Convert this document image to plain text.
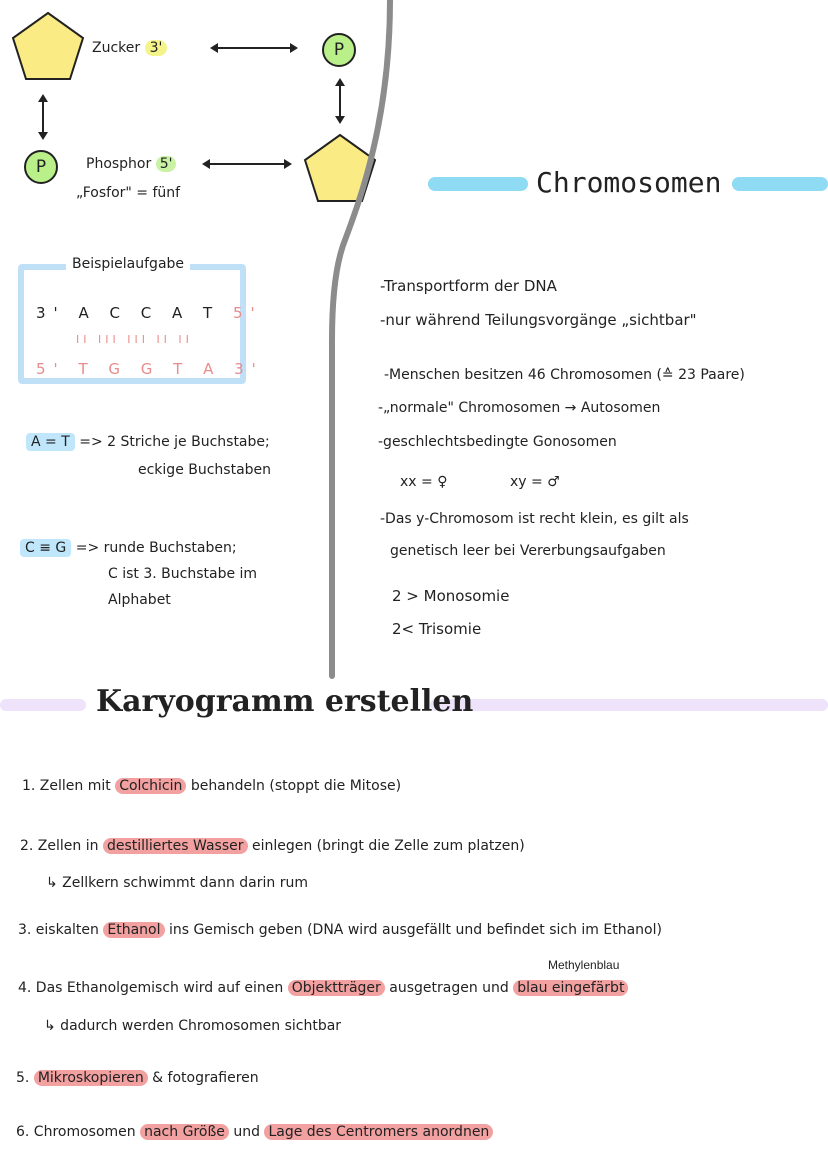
Zucker 3'	P
P	Phosphor 5'
„Fosfor" = fünf
Beispielaufgabe
3' A C C A T 5'
II III III II II
5' T G G T A 3'
A = T => 2 Striche je Buchstabe;
eckige Buchstaben
C ≡ G => runde Buchstaben;
C ist 3. Buchstabe im
Alphabet
Chromosomen
-Transportform der DNA
-nur während Teilungsvorgänge „sichtbar"
-Menschen besitzen 46 Chromosomen (≙ 23 Paare)
-„normale" Chromosomen → Autosomen
-geschlechtsbedingte Gonosomen
xx = ♀	xy = ♂
-Das y-Chromosom ist recht klein, es gilt als
genetisch leer bei Vererbungsaufgaben
2 > Monosomie
2< Trisomie
Karyogramm erstellen
1. Zellen mit Colchicin behandeln (stoppt die Mitose)
2. Zellen in destilliertes Wasser einlegen (bringt die Zelle zum platzen)
↳ Zellkern schwimmt dann darin rum
3. eiskalten Ethanol ins Gemisch geben (DNA wird ausgefällt und befindet sich im Ethanol)
Methylenblau
4. Das Ethanolgemisch wird auf einen Objektträger ausgetragen und blau eingefärbt
↳ dadurch werden Chromosomen sichtbar
5. Mikroskopieren & fotografieren
6. Chromosomen nach Größe und Lage des Centromers anordnen
